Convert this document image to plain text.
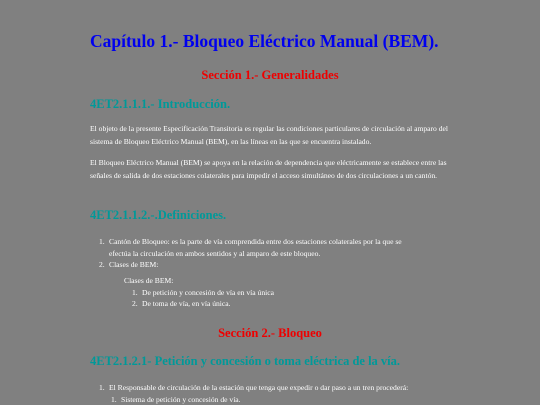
Capítulo 1.- Bloqueo Eléctrico Manual (BEM).
Sección 1.- Generalidades
4ET2.1.1.1.- Introducción.

El objeto de la presente Especificación Transitoria es regular las condiciones particulares de circulación al amparo del sistema de Bloqueo Eléctrico Manual (BEM), en las líneas en las que se encuentra instalado.

El Bloqueo Eléctrico Manual (BEM) se apoya en la relación de dependencia que eléctricamente se establece entre las señales de salida de dos estaciones colaterales para impedir el acceso simultáneo de dos circulaciones a un cantón.

4ET2.1.1.2.-.Definiciones.
1. Cantón de Bloqueo: es la parte de vía comprendida entre dos estaciones colaterales por la que se
efectúa la circulación en ambos sentidos y al amparo de este bloqueo.
2. Clases de BEM:
Clases de BEM:
1. De petición y concesión de vía en vía única
2. De toma de vía, en vía única.
Sección 2.- Bloqueo
4ET2.1.2.1- Petición y concesión o toma eléctrica de la vía.
1. El Responsable de circulación de la estación que tenga que expedir o dar paso a un tren procederá:
1. Sistema de petición y concesión de vía.
